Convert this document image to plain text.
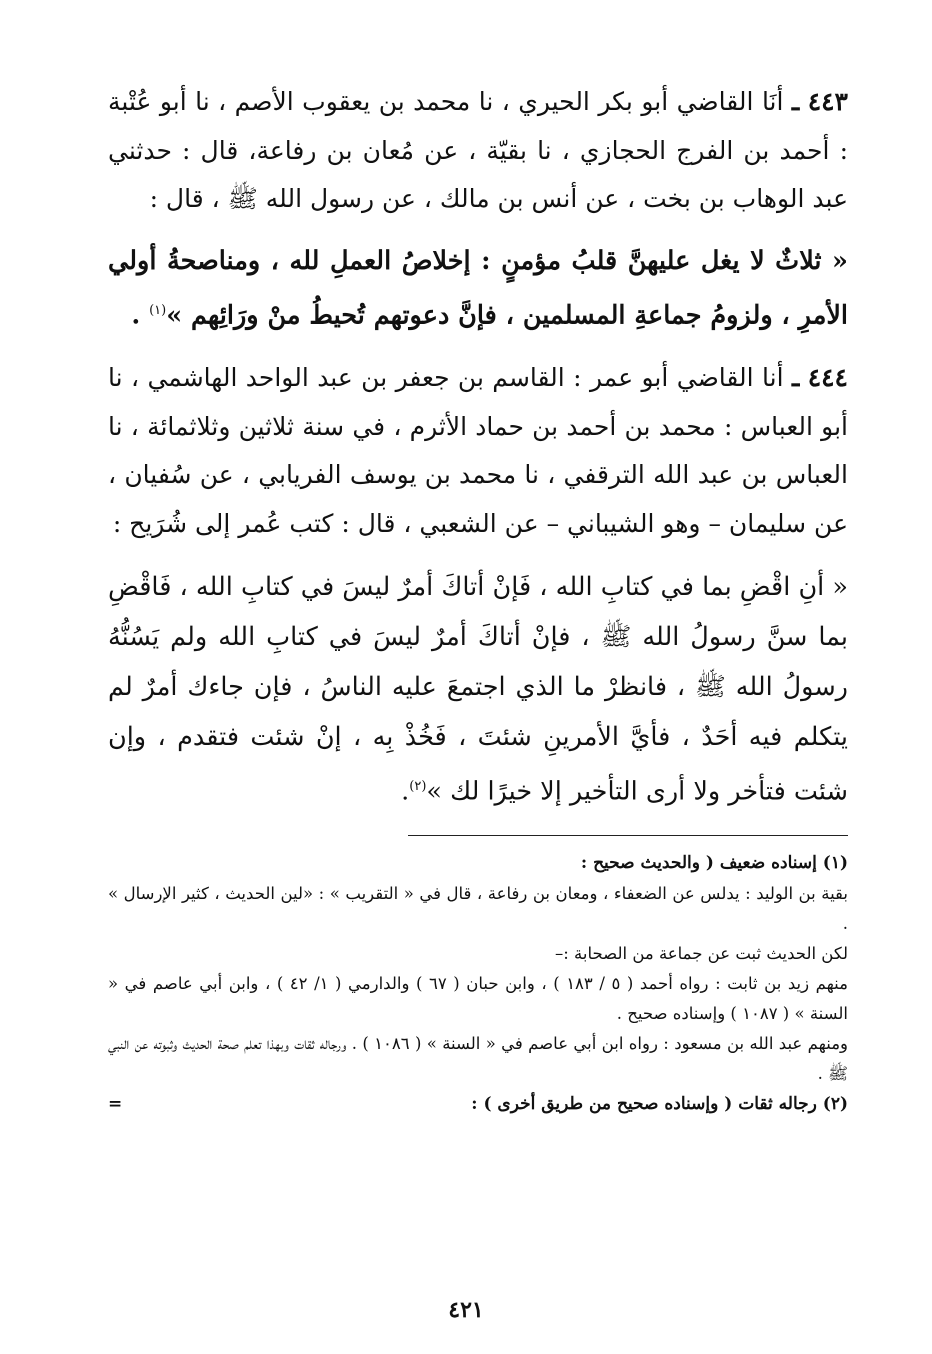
٤٤٣ ـ أنَا القاضي أبو بكر الحيري ، نا محمد بن يعقوب الأصم ، نا أبو عُتْبة : أحمد بن الفرج الحجازي ، نا بقيّة ، عن مُعان بن رفاعة، قال : حدثني عبد الوهاب بن بخت ، عن أنس بن مالك ، عن رسول الله ﷺ ، قال :

« ثلاثٌ لا يغل عليهنَّ قلبُ مؤمنٍ : إخلاصُ العملِ لله ، ومناصحةُ أولي الأمرِ ، ولزومُ جماعةِ المسلمين ، فإنَّ دعوتهم تُحيطُ منْ ورَائِهم »$^{(١)}$ .

٤٤٤ ـ أنا القاضي أبو عمر : القاسم بن جعفر بن عبد الواحد الهاشمي ، نا أبو العباس : محمد بن أحمد بن حماد الأثرم ، في سنة ثلاثين وثلاثمائة ، نا العباس بن عبد الله الترقفي ، نا محمد بن يوسف الفريابي ، عن سُفيان ، عن سليمان – وهو الشيباني – عن الشعبي ، قال : كتب عُمر إلى شُرَيح :

« أنِ اقْضِ بما في كتابِ الله ، فَإنْ أتاكَ أمرٌ ليسَ في كتابِ الله ، فَاقْضِ بما سنَّ رسولُ الله ﷺ ، فإنْ أتاكَ أمرٌ ليسَ في كتابِ الله ولم يَسُنُّهُ رسولُ الله ﷺ ، فانظرْ ما الذي اجتمعَ عليه الناسُ ، فإن جاءك أمرٌ لم يتكلم فيه أحَدٌ ، فأيَّ الأمرينِ شئتَ ، فَخُذْ بِه ، إنْ شئت فتقدم ، وإن شئت فتأخر ولا أرى التأخير إلا خيرًا لك »$^{(٢)}$.

(١) إسناده ضعيف ( والحديث صحيح :

بقية بن الوليد : يدلس عن الضعفاء ، ومعان بن رفاعة ، قال في « التقريب » : «لين الحديث ، كثير الإرسال » .

لكن الحديث ثبت عن جماعة من الصحابة :–

منهم زيد بن ثابت : رواه أحمد ( ٥ / ١٨٣ ) ، وابن حبان ( ٦٧ ) والدارمي ( ١/ ٤٢ ) ، وابن أبي عاصم في « السنة » ( ١٠٨٧ ) وإسناده صحيح .

ومنهم عبد الله بن مسعود : رواه ابن أبي عاصم في « السنة » ( ١٠٨٦ ) . ورجاله ثقات وبهذا تعلم صحة الحديث وثبوته عن النبي ﷺ .

(٢) رجاله ثقات ( وإسناده صحيح من طريق أخرى ) :
=
٤٢١
